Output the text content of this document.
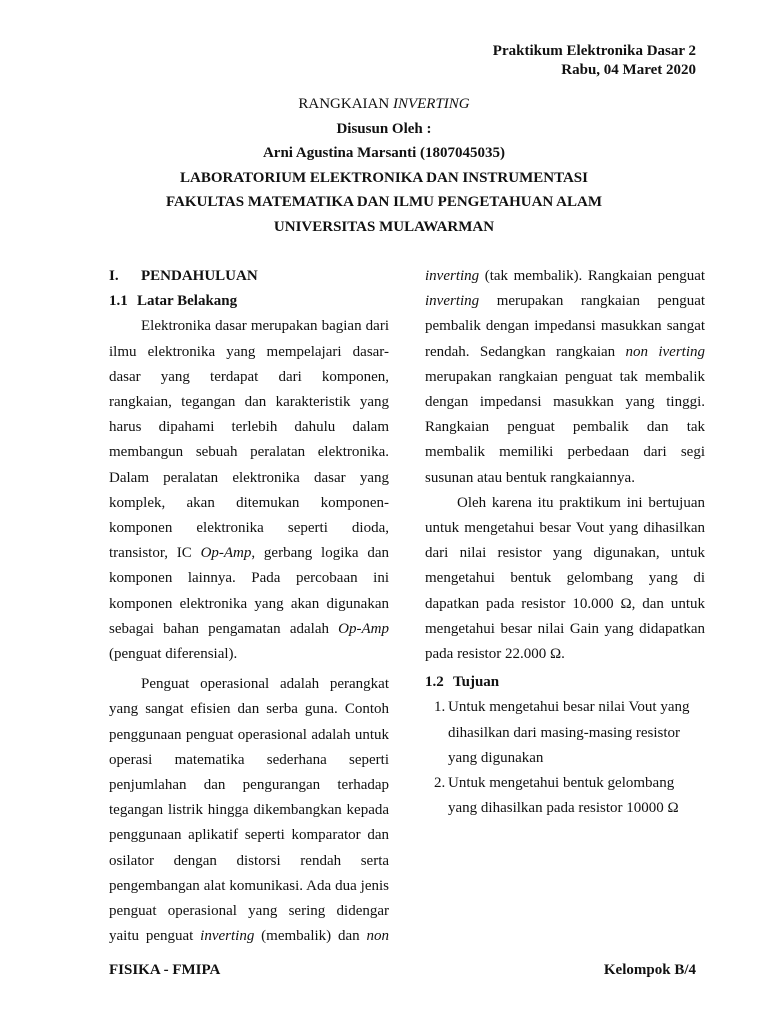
Praktikum Elektronika Dasar 2
Rabu, 04 Maret 2020
RANGKAIAN INVERTING
Disusun Oleh :
Arni Agustina Marsanti (1807045035)
LABORATORIUM ELEKTRONIKA DAN INSTRUMENTASI
FAKULTAS MATEMATIKA DAN ILMU PENGETAHUAN ALAM
UNIVERSITAS MULAWARMAN
I. PENDAHULUAN
1.1 Latar Belakang

Elektronika dasar merupakan bagian dari ilmu elektronika yang mempelajari dasar-dasar yang terdapat dari komponen, rangkaian, tegangan dan karakteristik yang harus dipahami terlebih dahulu dalam membangun sebuah peralatan elektronika. Dalam peralatan elektronika dasar yang komplek, akan ditemukan komponen-komponen elektronika seperti dioda, transistor, IC Op-Amp, gerbang logika dan komponen lainnya. Pada percobaan ini komponen elektronika yang akan digunakan sebagai bahan pengamatan adalah Op-Amp (penguat diferensial).

Penguat operasional adalah perangkat yang sangat efisien dan serba guna. Contoh penggunaan penguat operasional adalah untuk operasi matematika sederhana seperti penjumlahan dan pengurangan terhadap tegangan listrik hingga dikembangkan kepada penggunaan aplikatif seperti komparator dan osilator dengan distorsi rendah serta pengembangan alat komunikasi. Ada dua jenis penguat operasional yang sering didengar yaitu penguat inverting (membalik) dan non

inverting (tak membalik). Rangkaian penguat inverting merupakan rangkaian penguat pembalik dengan impedansi masukkan sangat rendah. Sedangkan rangkaian non iverting merupakan rangkaian penguat tak membalik dengan impedansi masukkan yang tinggi. Rangkaian penguat pembalik dan tak membalik memiliki perbedaan dari segi susunan atau bentuk rangkaiannya.

Oleh karena itu praktikum ini bertujuan untuk mengetahui besar Vout yang dihasilkan dari nilai resistor yang digunakan, untuk mengetahui bentuk gelombang yang di dapatkan pada resistor 10.000 Ω, dan untuk mengetahui besar nilai Gain yang didapatkan pada resistor 22.000 Ω.

1.2 Tujuan
1. Untuk mengetahui besar nilai Vout yang dihasilkan dari masing-masing resistor yang digunakan
2. Untuk mengetahui bentuk gelombang yang dihasilkan pada resistor 10000 Ω
FISIKA - FMIPA	Kelompok B/4
